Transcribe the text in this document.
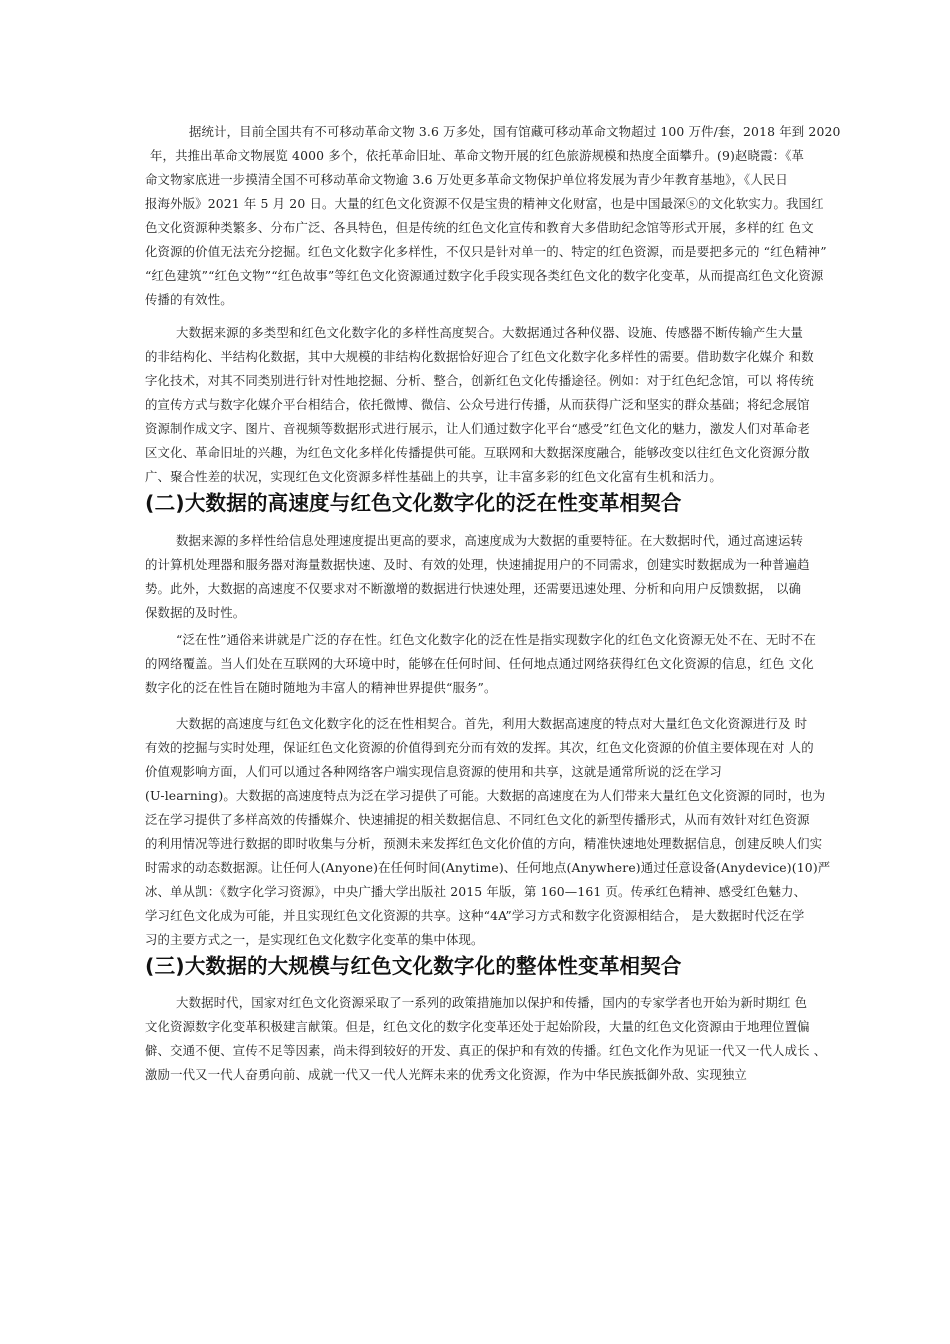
据统计，目前全国共有不可移动革命文物 3.6 万多处，国有馆藏可移动革命文物超过 100 万件/套，2018 年到 2020
年，共推出革命文物展览 4000 多个，依托革命旧址、革命文物开展的红色旅游规模和热度全面攀升。(9)赵晓霞：《革
命文物家底进一步摸清全国不可移动革命文物逾 3.6 万处更多革命文物保护单位将发展为青少年教育基地》，《人民日
报海外版》2021 年 5 月 20 日。大量的红色文化资源不仅是宝贵的精神文化财富，也是中国最深ⓢ的文化软实力。我国红
色文化资源种类繁多、分布广泛、各具特色，但是传统的红色文化宣传和教育大多借助纪念馆等形式开展，多样的红 色文
化资源的价值无法充分挖掘。红色文化数字化多样性，不仅只是针对单一的、特定的红色资源，而是要把多元的 “红色精神”
“红色建筑”“红色文物”“红色故事”等红色文化资源通过数字化手段实现各类红色文化的数字化变革，从而提高红色文化资源
传播的有效性。
大数据来源的多类型和红色文化数字化的多样性高度契合。大数据通过各种仪器、设施、传感器不断传输产生大量
的非结构化、半结构化数据，其中大规模的非结构化数据恰好迎合了红色文化数字化多样性的需要。借助数字化媒介 和数
字化技术，对其不同类别进行针对性地挖掘、分析、整合，创新红色文化传播途径。例如：对于红色纪念馆，可以 将传统
的宣传方式与数字化媒介平台相结合，依托微博、微信、公众号进行传播，从而获得广泛和坚实的群众基础；将纪念展馆
资源制作成文字、图片、音视频等数据形式进行展示，让人们通过数字化平台“感受”红色文化的魅力，激发人们对革命老
区文化、革命旧址的兴趣，为红色文化多样化传播提供可能。互联网和大数据深度融合，能够改变以往红色文化资源分散
广、聚合性差的状况，实现红色文化资源多样性基础上的共享，让丰富多彩的红色文化富有生机和活力。
(二)大数据的高速度与红色文化数字化的泛在性变革相契合
数据来源的多样性给信息处理速度提出更高的要求，高速度成为大数据的重要特征。在大数据时代，通过高速运转
的计算机处理器和服务器对海量数据快速、及时、有效的处理，快速捕捉用户的不同需求，创建实时数据成为一种普遍趋
势。此外，大数据的高速度不仅要求对不断激增的数据进行快速处理，还需要迅速处理、分析和向用户反馈数据， 以确
保数据的及时性。
“泛在性”通俗来讲就是广泛的存在性。红色文化数字化的泛在性是指实现数字化的红色文化资源无处不在、无时不在
的网络覆盖。当人们处在互联网的大环境中时，能够在任何时间、任何地点通过网络获得红色文化资源的信息，红色 文化
数字化的泛在性旨在随时随地为丰富人的精神世界提供“服务”。
大数据的高速度与红色文化数字化的泛在性相契合。首先，利用大数据高速度的特点对大量红色文化资源进行及 时
有效的挖掘与实时处理，保证红色文化资源的价值得到充分而有效的发挥。其次，红色文化资源的价值主要体现在对 人的
价值观影响方面，人们可以通过各种网络客户端实现信息资源的使用和共享，这就是通常所说的泛在学习
(U-learning)。大数据的高速度特点为泛在学习提供了可能。大数据的高速度在为人们带来大量红色文化资源的同时，也为
泛在学习提供了多样高效的传播媒介、快速捕捉的相关数据信息、不同红色文化的新型传播形式，从而有效针对红色资源
的利用情况等进行数据的即时收集与分析，预测未来发挥红色文化价值的方向，精准快速地处理数据信息，创建反映人们实
时需求的动态数据源。让任何人(Anyone)在任何时间(Anytime)、任何地点(Anywhere)通过任意设备(Anydevice)(10)严
冰、单从凯：《数字化学习资源》，中央广播大学出版社 2015 年版，第 160—161 页。传承红色精神、感受红色魅力、
学习红色文化成为可能，并且实现红色文化资源的共享。这种“4A”学习方式和数字化资源相结合， 是大数据时代泛在学
习的主要方式之一，是实现红色文化数字化变革的集中体现。
(三)大数据的大规模与红色文化数字化的整体性变革相契合
大数据时代，国家对红色文化资源采取了一系列的政策措施加以保护和传播，国内的专家学者也开始为新时期红 色
文化资源数字化变革积极建言献策。但是，红色文化的数字化变革还处于起始阶段，大量的红色文化资源由于地理位置偏
僻、交通不便、宣传不足等因素，尚未得到较好的开发、真正的保护和有效的传播。红色文化作为见证一代又一代人成长 、
激励一代又一代人奋勇向前、成就一代又一代人光辉未来的优秀文化资源，作为中华民族抵御外敌、实现独立
